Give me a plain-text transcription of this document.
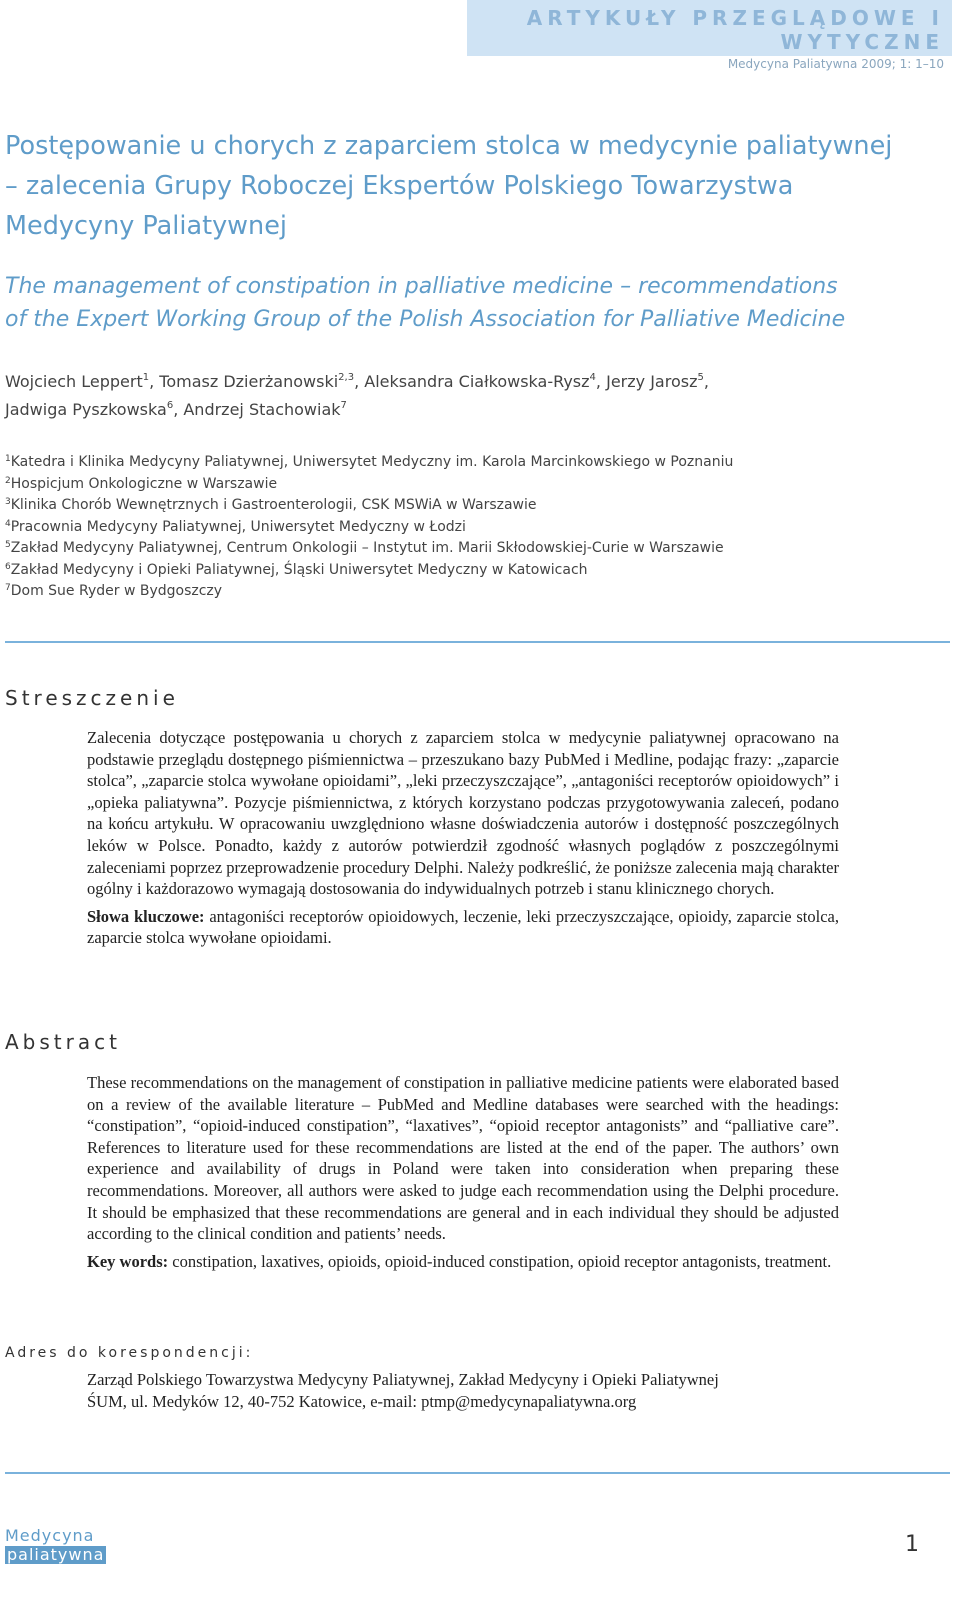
ARTYKUŁY PRZEGLĄDOWE I WYTYCZNE
Medycyna Paliatywna 2009; 1: 1–10
Postępowanie u chorych z zaparciem stolca w medycynie paliatywnej
– zalecenia Grupy Roboczej Ekspertów Polskiego Towarzystwa
Medycyny Paliatywnej
The management of constipation in palliative medicine – recommendations
of the Expert Working Group of the Polish Association for Palliative Medicine
Wojciech Leppert$^1$, Tomasz Dzierżanowski$^{2,3}$, Aleksandra Ciałkowska-Rysz$^4$, Jerzy Jarosz$^5$,
Jadwiga Pyszkowska$^6$, Andrzej Stachowiak$^7$
$^1$Katedra i Klinika Medycyny Paliatywnej, Uniwersytet Medyczny im. Karola Marcinkowskiego w Poznaniu
$^2$Hospicjum Onkologiczne w Warszawie
$^3$Klinika Chorób Wewnętrznych i Gastroenterologii, CSK MSWiA w Warszawie
$^4$Pracownia Medycyny Paliatywnej, Uniwersytet Medyczny w Łodzi
$^5$Zakład Medycyny Paliatywnej, Centrum Onkologii – Instytut im. Marii Skłodowskiej-Curie w Warszawie
$^6$Zakład Medycyny i Opieki Paliatywnej, Śląski Uniwersytet Medyczny w Katowicach
$^7$Dom Sue Ryder w Bydgoszczy
Streszczenie

Zalecenia dotyczące postępowania u chorych z zaparciem stolca w medycynie paliatywnej opracowano na podstawie przeglądu dostępnego piśmiennictwa – przeszukano bazy PubMed i Medline, podając frazy: „zaparcie stolca”, „zaparcie stolca wywołane opioidami”, „leki przeczyszczające”, „antagoniści receptorów opioidowych” i „opieka paliatywna”. Pozycje piśmiennictwa, z których korzystano podczas przygotowywania zaleceń, podano na końcu artykułu. W opracowaniu uwzględniono własne doświadczenia autorów i dostępność poszczególnych leków w Polsce. Ponadto, każdy z autorów potwierdził zgodność własnych poglądów z poszczególnymi zaleceniami poprzez przeprowadzenie procedury Delphi. Należy podkreślić, że poniższe zalecenia mają charakter ogólny i każdorazowo wymagają dostosowania do indywidualnych potrzeb i stanu klinicznego chorych.

Słowa kluczowe: antagoniści receptorów opioidowych, leczenie, leki przeczyszczające, opioidy, zaparcie stolca, zaparcie stolca wywołane opioidami.

Abstract

These recommendations on the management of constipation in palliative medicine patients were elaborated based on a review of the available literature – PubMed and Medline databases were searched with the headings: “constipation”, “opioid-induced constipation”, “laxatives”, “opioid receptor antagonists” and “palliative care”. References to literature used for these recommendations are listed at the end of the paper. The authors’ own experience and availability of drugs in Poland were taken into consideration when preparing these recommendations. Moreover, all authors were asked to judge each recommendation using the Delphi procedure. It should be emphasized that these recommendations are general and in each individual they should be adjusted according to the clinical condition and patients’ needs.

Key words: constipation, laxatives, opioids, opioid-induced constipation, opioid receptor antagonists, treatment.

Adres do korespondencji:
Zarząd Polskiego Towarzystwa Medycyny Paliatywnej, Zakład Medycyny i Opieki Paliatywnej
ŚUM, ul. Medyków 12, 40-752 Katowice, e-mail: ptmp@medycynapaliatywna.org
Medycyna
paliatywna	1
